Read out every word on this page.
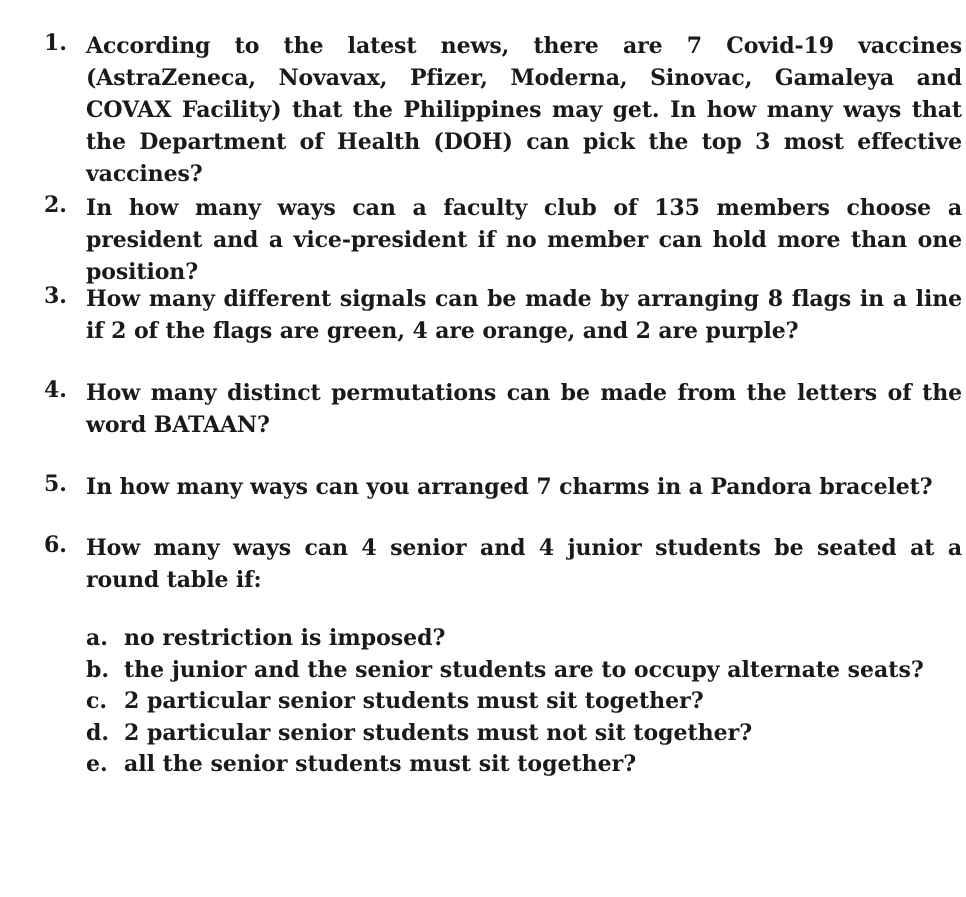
1. According to the latest news, there are 7 Covid-19 vaccines (AstraZeneca, Novavax, Pfizer, Moderna, Sinovac, Gamaleya and COVAX Facility) that the Philippines may get. In how many ways that the Department of Health (DOH) can pick the top 3 most effective vaccines?
2. In how many ways can a faculty club of 135 members choose a president and a vice-president if no member can hold more than one position?
3. How many different signals can be made by arranging 8 flags in a line if 2 of the flags are green, 4 are orange, and 2 are purple?
4. How many distinct permutations can be made from the letters of the word BATAAN?
5. In how many ways can you arranged 7 charms in a Pandora bracelet?
6. How many ways can 4 senior and 4 junior students be seated at a round table if:
a. no restriction is imposed?
b. the junior and the senior students are to occupy alternate seats?
c. 2 particular senior students must sit together?
d. 2 particular senior students must not sit together?
e. all the senior students must sit together?
